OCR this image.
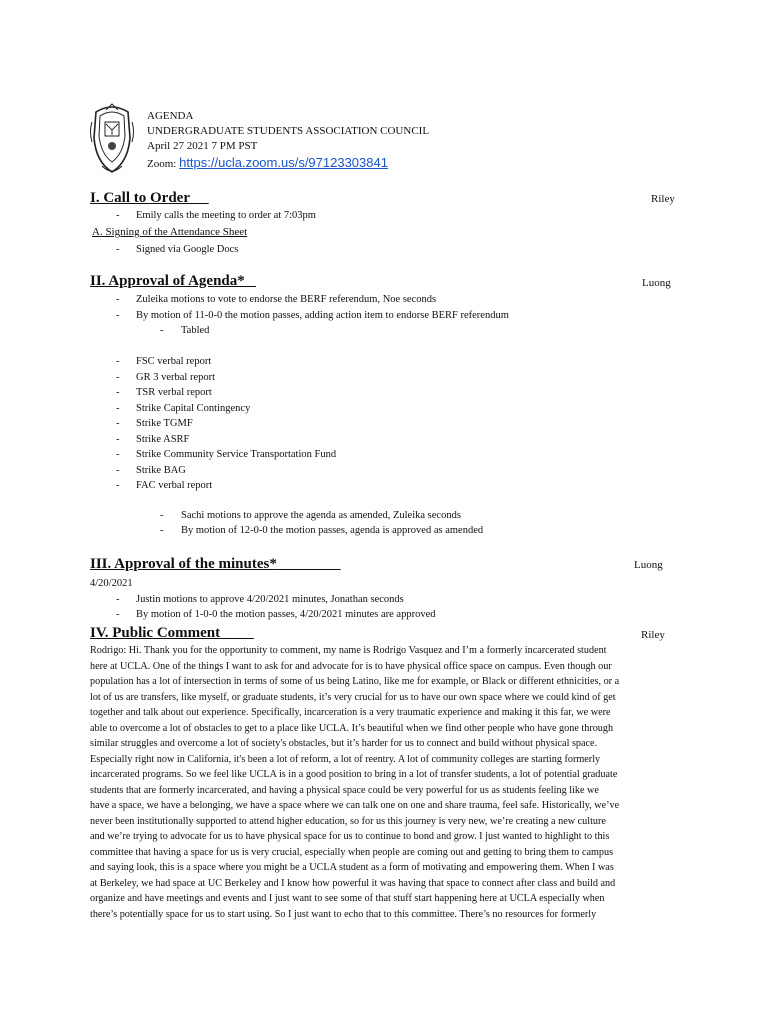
AGENDA
UNDERGRADUATE STUDENTS ASSOCIATION COUNCIL
April 27 2021 7 PM PST
Zoom: https://ucla.zoom.us/s/97123303841
I. Call to Order	Riley
- Emily calls the meeting to order at 7:03pm
A. Signing of the Attendance Sheet
- Signed via Google Docs
II. Approval of Agenda*	Luong
- Zuleika motions to vote to endorse the BERF referendum, Noe seconds
- By motion of 11-0-0 the motion passes, adding action item to endorse BERF referendum
- Tabled
- FSC verbal report
- GR 3 verbal report
- TSR verbal report
- Strike Capital Contingency
- Strike TGMF
- Strike ASRF
- Strike Community Service Transportation Fund
- Strike BAG
- FAC verbal report
- Sachi motions to approve the agenda as amended, Zuleika seconds
- By motion of 12-0-0 the motion passes, agenda is approved as amended
III. Approval of the minutes*	Luong
4/20/2021
- Justin motions to approve 4/20/2021 minutes, Jonathan seconds
- By motion of 1-0-0 the motion passes, 4/20/2021 minutes are approved
IV. Public Comment	Riley
Rodrigo: Hi. Thank you for the opportunity to comment, my name is Rodrigo Vasquez and I’m a formerly incarcerated student
here at UCLA. One of the things I want to ask for and advocate for is to have physical office space on campus. Even though our
population has a lot of intersection in terms of some of us being Latino, like me for example, or Black or different ethnicities, or a
lot of us are transfers, like myself, or graduate students, it’s very crucial for us to have our own space where we could kind of get
together and talk about out experience. Specifically, incarceration is a very traumatic experience and making it this far, we were
able to overcome a lot of obstacles to get to a place like UCLA. It’s beautiful when we find other people who have gone through
similar struggles and overcome a lot of society's obstacles, but it’s harder for us to connect and build without physical space.
Especially right now in California, it's been a lot of reform, a lot of reentry. A lot of community colleges are starting formerly
incarcerated programs. So we feel like UCLA is in a good position to bring in a lot of transfer students, a lot of potential graduate
students that are formerly incarcerated, and having a physical space could be very powerful for us as students feeling like we
have a space, we have a belonging, we have a space where we can talk one on one and share trauma, feel safe. Historically, we’ve
never been institutionally supported to attend higher education, so for us this journey is very new, we’re creating a new culture
and we’re trying to advocate for us to have physical space for us to continue to bond and grow. I just wanted to highlight to this
committee that having a space for us is very crucial, especially when people are coming out and getting to bring them to campus
and saying look, this is a space where you might be a UCLA student as a form of motivating and empowering them. When I was
at Berkeley, we had space at UC Berkeley and I know how powerful it was having that space to connect after class and build and
organize and have meetings and events and I just want to see some of that stuff start happening here at UCLA especially when
there’s potentially space for us to start using. So I just want to echo that to this committee. There’s no resources for formerly
